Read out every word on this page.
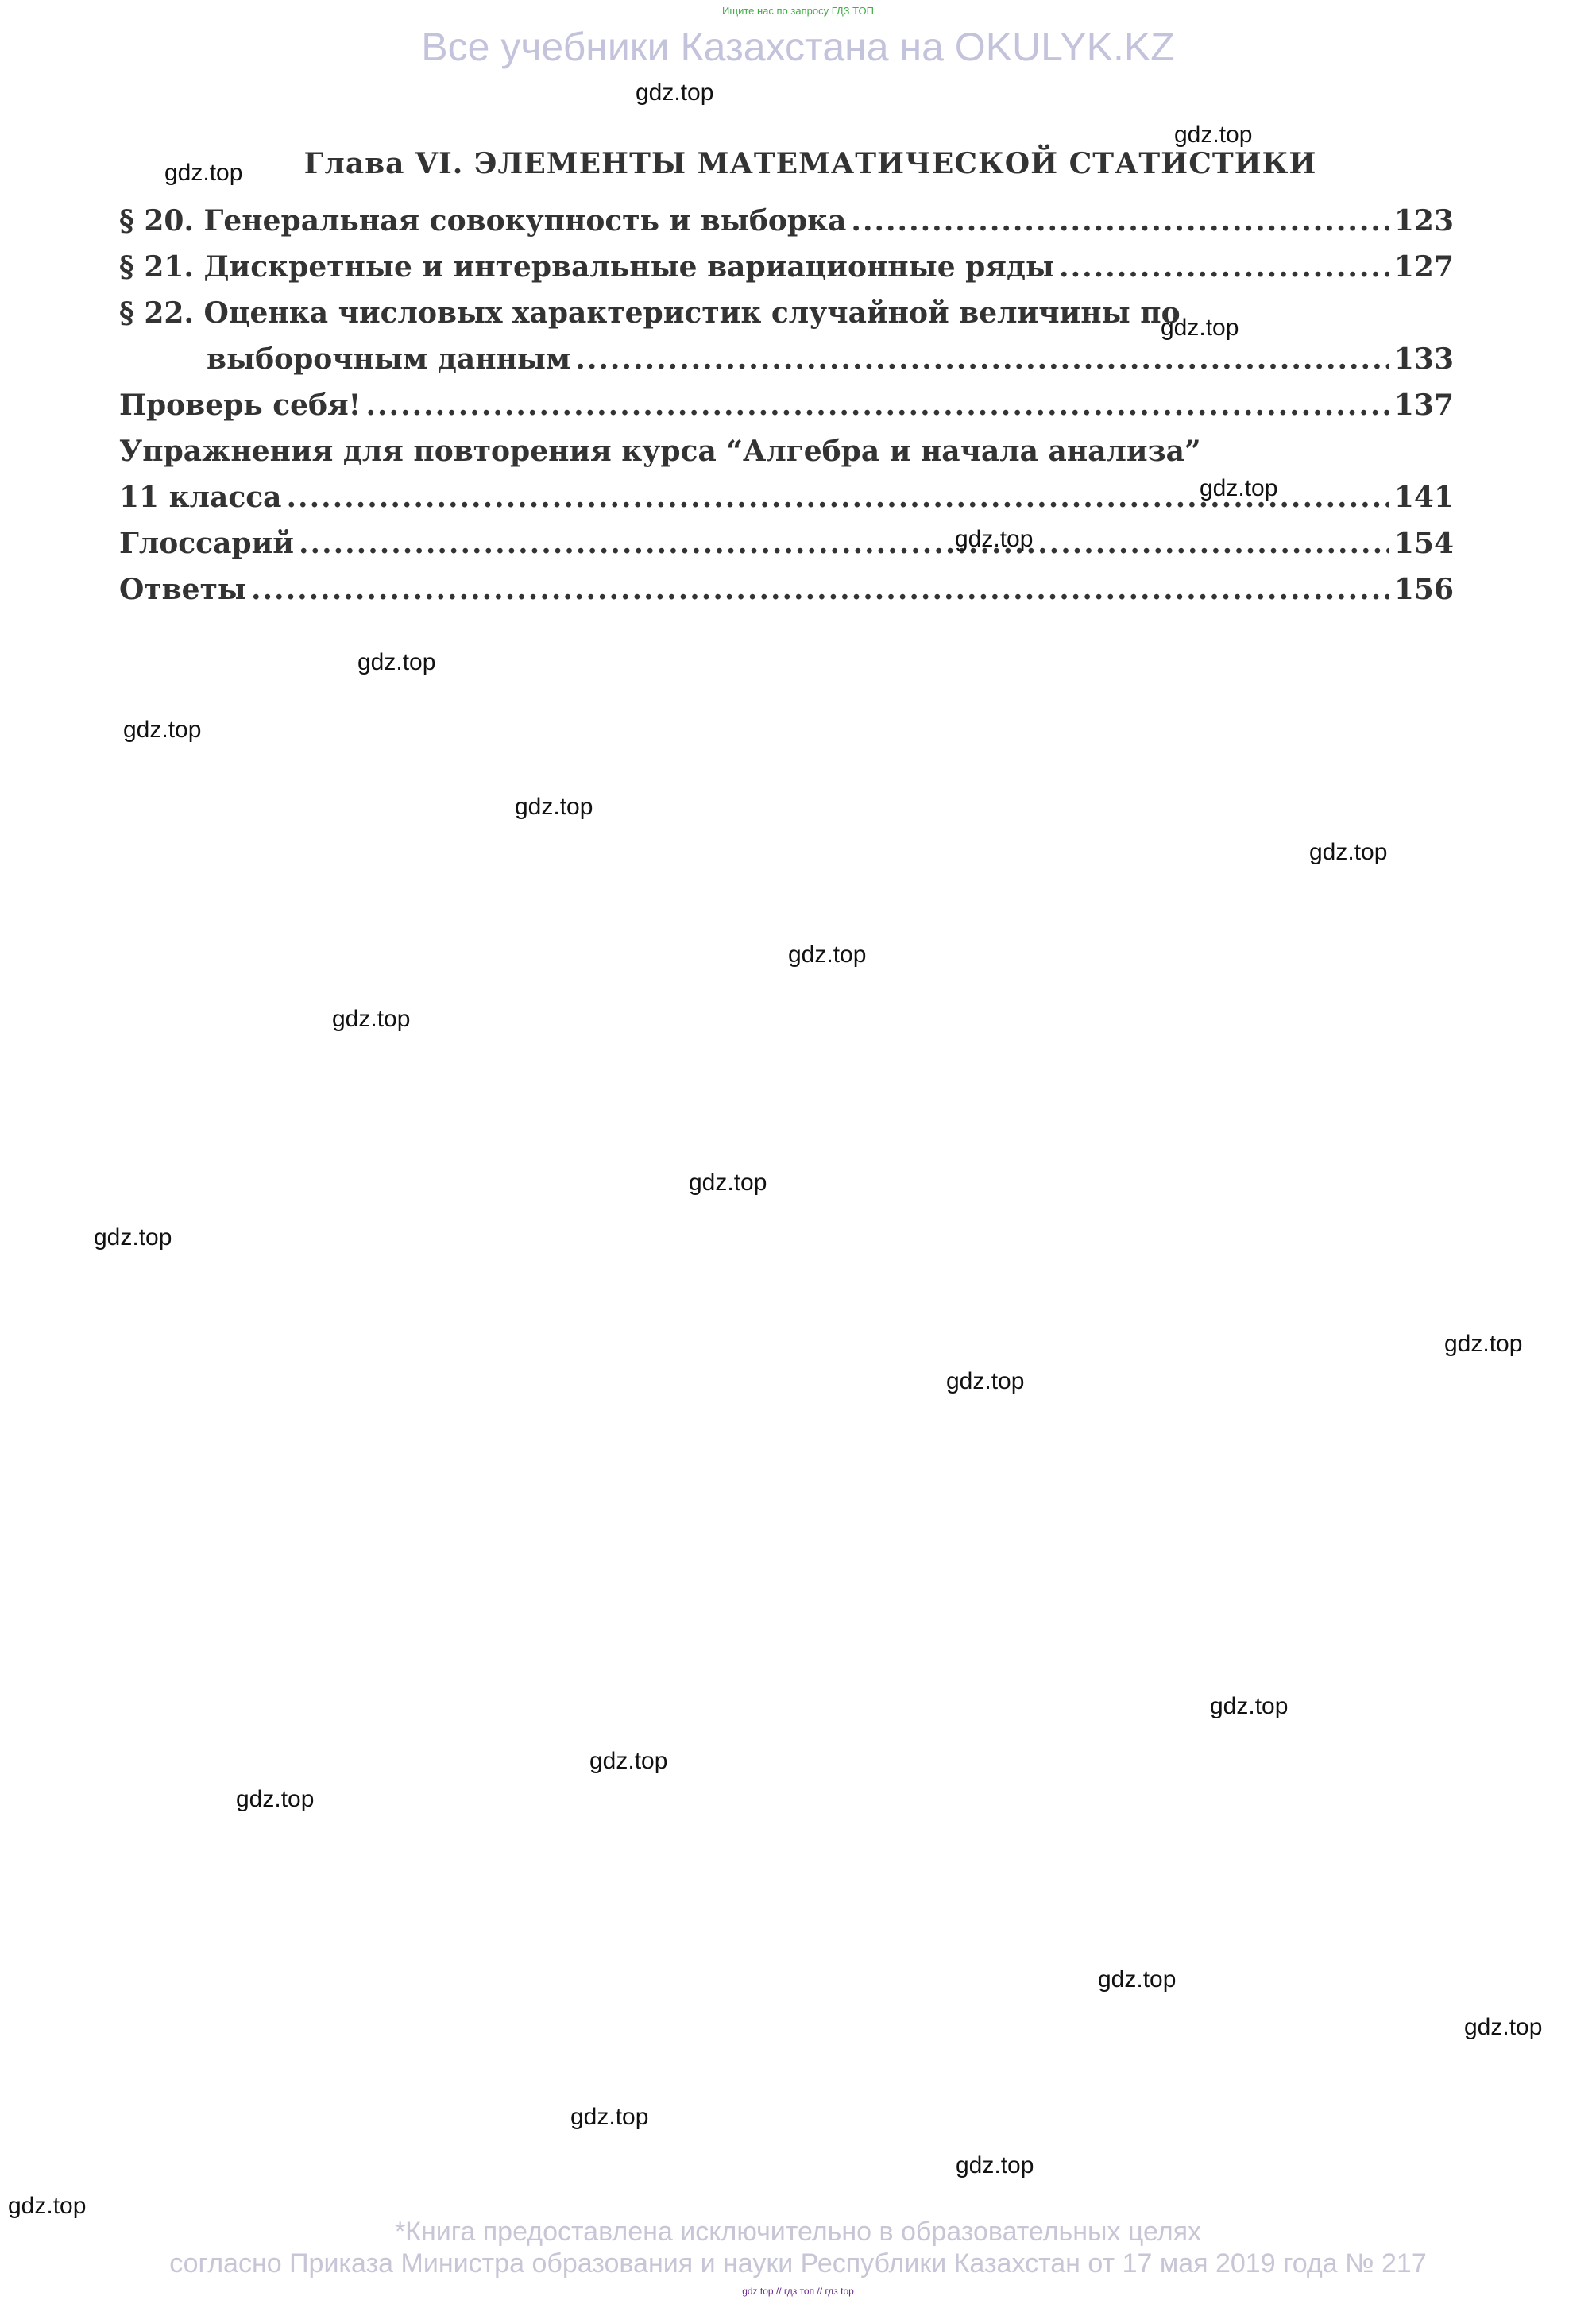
Ищите нас по запросу ГДЗ ТОП
Все учебники Казахстана на OKULYK.KZ
Глава VI. ЭЛЕМЕНТЫ МАТЕМАТИЧЕСКОЙ СТАТИСТИКИ
§ 20. Генеральная совокупность и выборка .....	123
§ 21. Дискретные и интервальные вариационные ряды .....	127
§ 22. Оценка числовых характеристик случайной величины по
выборочным данным .....	133
Проверь себя! .....	137
Упражнения для повторения курса “Алгебра и начала анализа”
11 класса .....	141
Глоссарий .....	154
Ответы .....	156
gdz.top
gdz.top
gdz.top
gdz.top
gdz.top
gdz.top
gdz.top
gdz.top
gdz.top
gdz.top
gdz.top
gdz.top
gdz.top
gdz.top
gdz.top
gdz.top
gdz.top
gdz.top
gdz.top
gdz.top
gdz.top
gdz.top
gdz.top
gdz.top
*Книга предоставлена исключительно в образовательных целях
согласно Приказа Министра образования и науки Республики Казахстан от 17 мая 2019 года № 217
gdz top // гдз топ // гдз top
